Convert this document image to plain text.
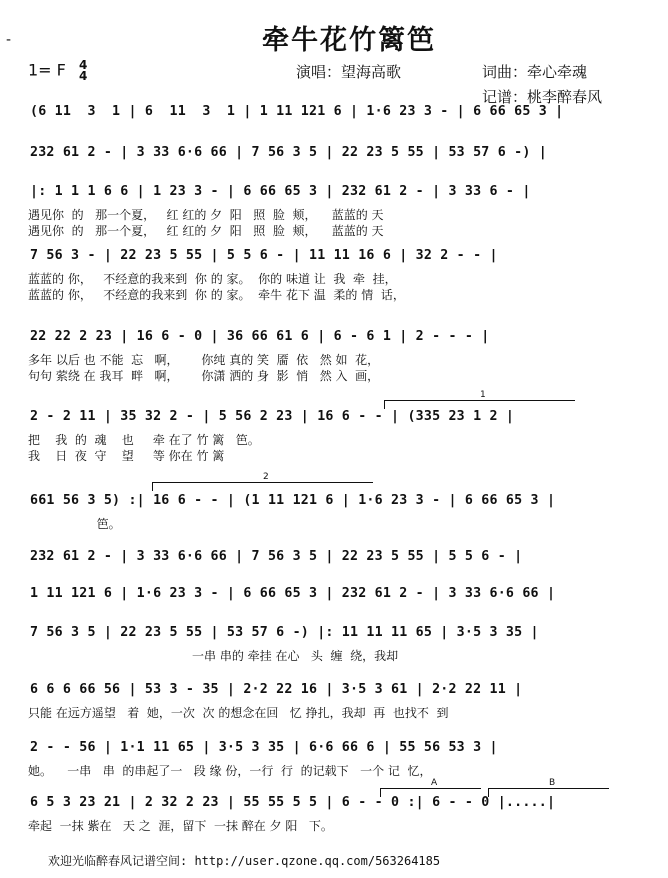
-	牵牛花竹篱笆
1= F 4
4	演唱：望海高歌	词曲：牵心牵魂
记谱：桃李醉春风
(6 11  3  1 | 6  11  3  1 | 1 11 121 6 | 1·6 23 3 - | 6 66 65 3 |
232 61 2 - | 3 33 6·6 66 | 7 56 3 5 | 22 23 5 55 | 53 57 6 -) |
|: 1 1 1 6 6 | 1 23 3 - | 6 66 65 3 | 232 61 2 - | 3 33 6 - |
遇见你  的   那一个夏，   红 红的 夕  阳   照  脸  颊，    蓝蓝的 天
遇见你  的   那一个夏，   红 红的 夕  阳   照  脸  颊，    蓝蓝的 天
7 56 3 - | 22 23 5 55 | 5 5 6 - | 11 11 16 6 | 32 2 - - |
蓝蓝的 你，   不经意的我来到  你 的 家。  你的 味道 让  我  牵  挂，
蓝蓝的 你，   不经意的我来到  你 的 家。  牵牛 花下 温  柔的 情  话，
22 22 2 23 | 16 6 - 0 | 36 66 61 6 | 6 - 6 1 | 2 - - - |
多年 以后 也 不能  忘   啊，      你纯 真的 笑  靥  依   然 如  花，
句句 萦绕 在 我耳  畔   啊，      你潇 洒的 身  影  悄   然 入  画，
2 - 2 11 | 35 32 2 - | 5 56 2 23 | 16 6 - - | (335 23 1 2 |
把    我  的  魂    也     牵 在了 竹 篱   笆。
我    日  夜  守    望     等 你在 竹 篱
661 56 3 5) :| 16 6 - - | (1 11 121 6 | 1·6 23 3 - | 6 66 65 3 |
笆。
232 61 2 - | 3 33 6·6 66 | 7 56 3 5 | 22 23 5 55 | 5 5 6 - |
1 11 121 6 | 1·6 23 3 - | 6 66 65 3 | 232 61 2 - | 3 33 6·6 66 |
7 56 3 5 | 22 23 5 55 | 53 57 6 -) |: 11 11 11 65 | 3·5 3 35 |
一串 串的 牵挂 在心   头  缠  绕，我却
6 6 6 66 56 | 53 3 - 35 | 2·2 22 16 | 3·5 3 61 | 2·2 22 11 |
只能 在远方遥望   着  她，一次  次 的想念在回   忆 挣扎，我却  再  也找不  到
2 - - 56 | 1·1 11 65 | 3·5 3 35 | 6·6 66 6 | 55 56 53 3 |
她。    一串   串  的串起了一   段 缘 份，一行  行  的记载下   一个 记  忆，
6 5 3 23 21 | 2 32 2 23 | 55 55 5 5 | 6 - - 0 :| 6 - - 0 |.....|
牵起  一抹 紫在   天 之  涯，留下  一抹 醉在 夕 阳   下。
1
2
A	B
欢迎光临醉春风记谱空间: http://user.qzone.qq.com/563264185
